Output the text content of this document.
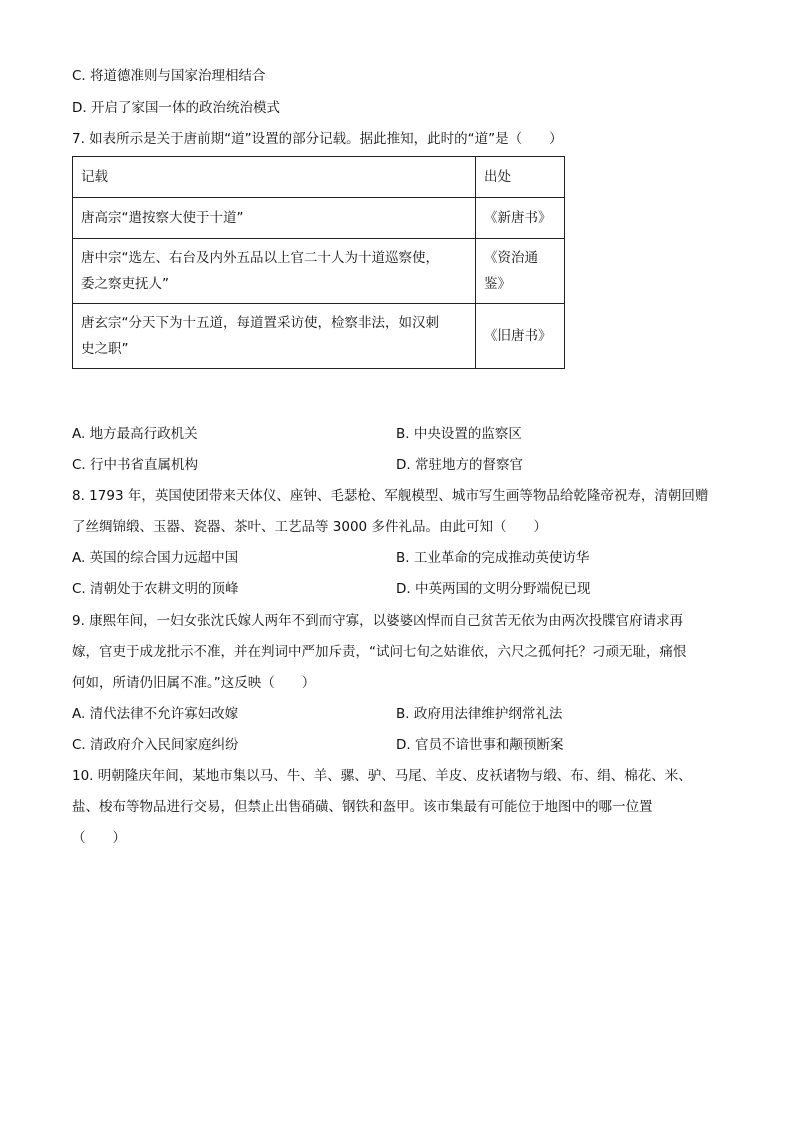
C. 将道德准则与国家治理相结合
D. 开启了家国一体的政治统治模式
7. 如表所示是关于唐前期“道”设置的部分记载。据此推知，此时的“道”是（　　）
记载	出处
唐高宗“遣按察大使于十道”	《新唐书》
唐中宗“选左、右台及内外五品以上官二十人为十道巡察使，
委之察吏抚人”	《资治通
鉴》
唐玄宗“分天下为十五道，每道置采访使，检察非法，如汉刺
史之职”	《旧唐书》
A. 地方最高行政机关	B. 中央设置的监察区
C. 行中书省直属机构	D. 常驻地方的督察官
8. 1793 年，英国使团带来天体仪、座钟、毛瑟枪、军舰模型、城市写生画等物品给乾隆帝祝寿，清朝回赠
了丝绸锦缎、玉器、瓷器、茶叶、工艺品等 3000 多件礼品。由此可知（　　）
A. 英国的综合国力远超中国	B. 工业革命的完成推动英使访华
C. 清朝处于农耕文明的顶峰	D. 中英两国的文明分野端倪已现
9. 康熙年间，一妇女张沈氏嫁人两年不到而守寡，以婆婆凶悍而自己贫苦无依为由两次投牒官府请求再
嫁，官吏于成龙批示不准，并在判词中严加斥责，“试问七旬之姑谁依，六尺之孤何托？刁顽无耻，痛恨
何如，所请仍旧属不准。”这反映（　　）
A. 清代法律不允许寡妇改嫁	B. 政府用法律维护纲常礼法
C. 清政府介入民间家庭纠纷	D. 官员不谙世事和颟顸断案
10. 明朝隆庆年间，某地市集以马、牛、羊、骡、驴、马尾、羊皮、皮袄诸物与缎、布、绢、棉花、米、
盐、梭布等物品进行交易，但禁止出售硝磺、钢铁和盔甲。该市集最有可能位于地图中的哪一位置
（　　）
